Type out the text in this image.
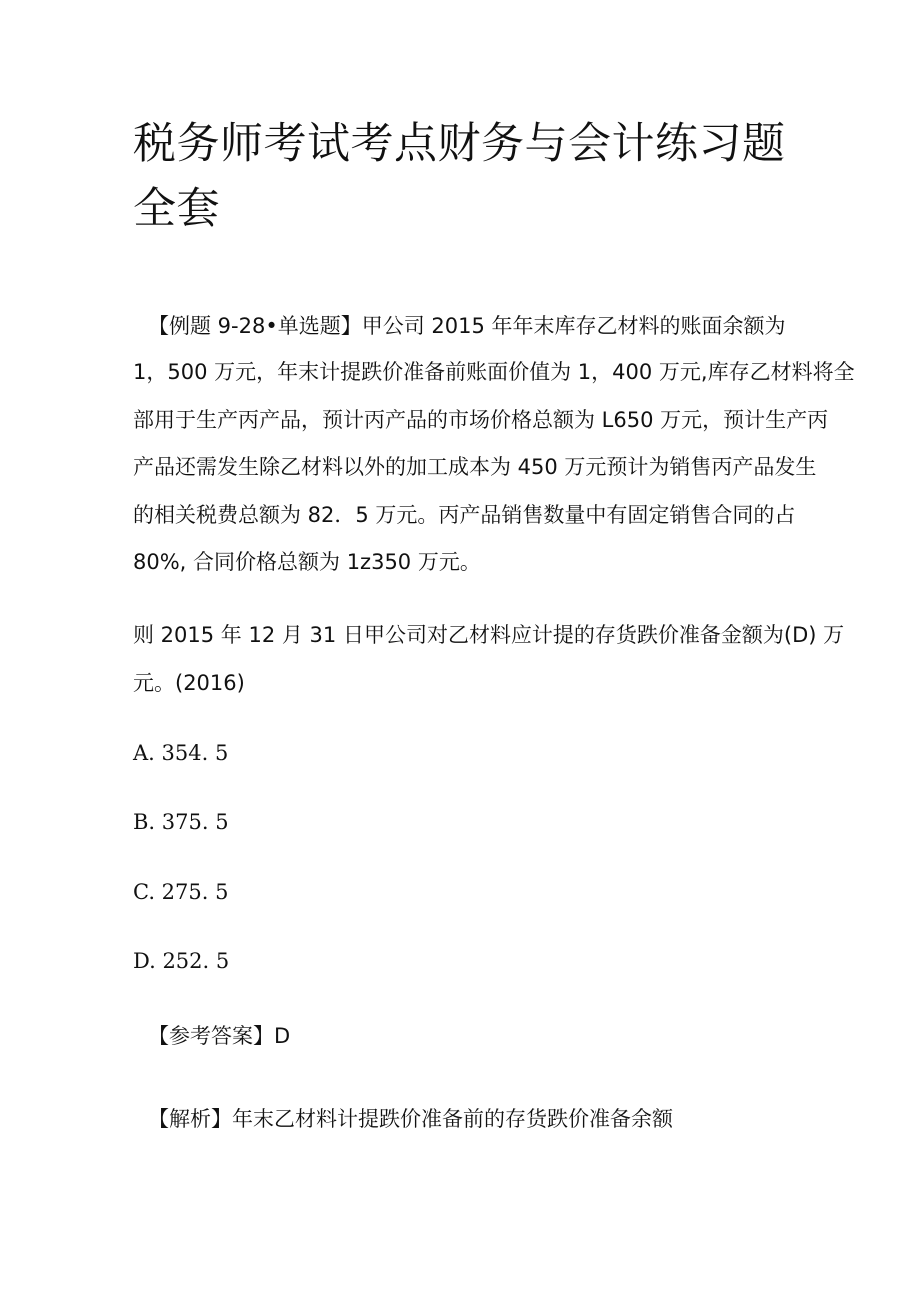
税务师考试考点财务与会计练习题
全套

【例题 9-28•单选题】甲公司 2015 年年末库存乙材料的账面余额为

1，500 万元，年末计提跌价准备前账面价值为 1，400 万元,库存乙材料将全

部用于生产丙产品，预计丙产品的市场价格总额为 L650 万元，预计生产丙

产品还需发生除乙材料以外的加工成本为 450 万元预计为销售丙产品发生

的相关税费总额为 82．5 万元。丙产品销售数量中有固定销售合同的占

80%, 合同价格总额为 1z350 万元。

则 2015 年 12 月 31 日甲公司对乙材料应计提的存货跌价准备金额为(D) 万

元。(2016)

A. 354. 5

B. 375. 5

C. 275. 5

D. 252. 5

【参考答案】D

【解析】年末乙材料计提跌价准备前的存货跌价准备余额
